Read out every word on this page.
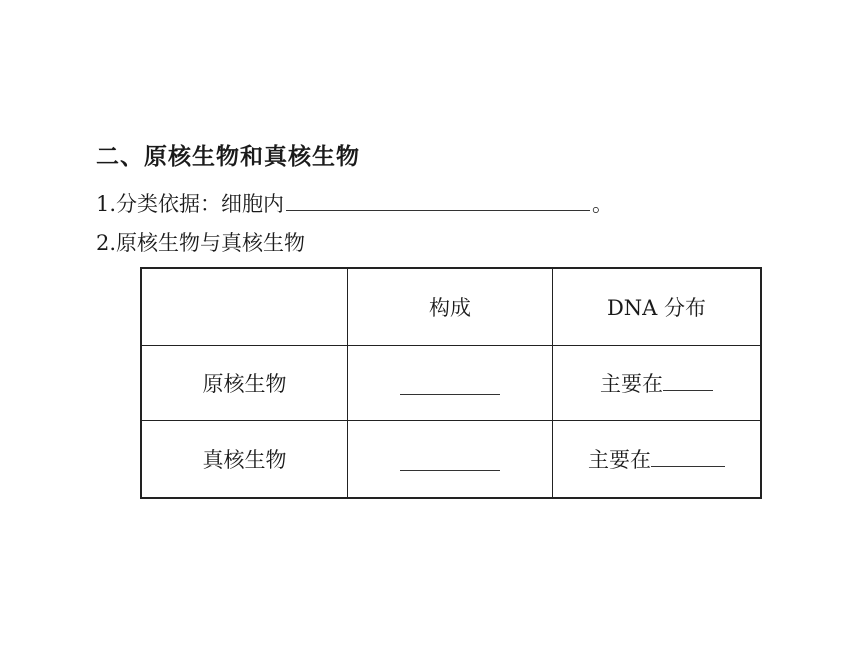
二、原核生物和真核生物
1.分类依据：细胞内	。
2.原核生物与真核生物
	构成	DNA 分布
原核生物		主要在
真核生物		主要在
